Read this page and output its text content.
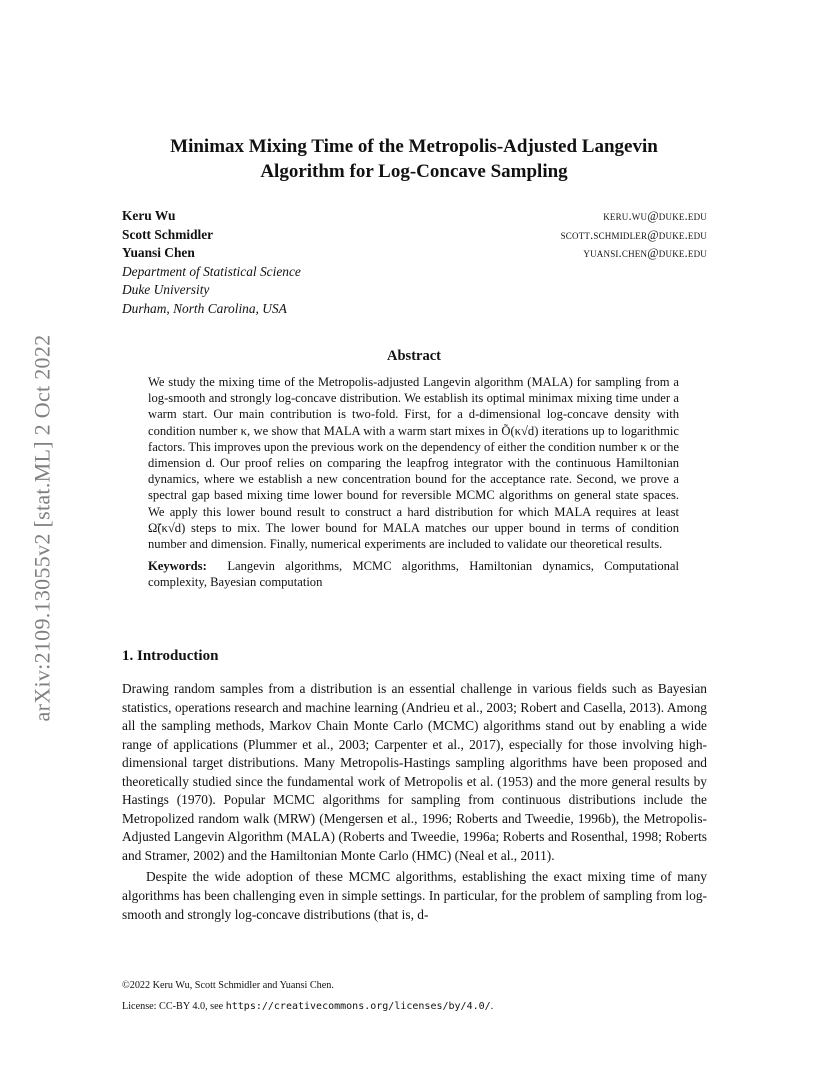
arXiv:2109.13055v2 [stat.ML] 2 Oct 2022
Minimax Mixing Time of the Metropolis-Adjusted Langevin
Algorithm for Log-Concave Sampling
Keru Wu	keru.wu@duke.edu
Scott Schmidler	scott.schmidler@duke.edu
Yuansi Chen	yuansi.chen@duke.edu
Department of Statistical Science
Duke University
Durham, North Carolina, USA
Abstract

We study the mixing time of the Metropolis-adjusted Langevin algorithm (MALA) for sampling from a log-smooth and strongly log-concave distribution. We establish its optimal minimax mixing time under a warm start. Our main contribution is two-fold. First, for a d-dimensional log-concave density with condition number κ, we show that MALA with a warm start mixes in Õ(κ√d) iterations up to logarithmic factors. This improves upon the previous work on the dependency of either the condition number κ or the dimension d. Our proof relies on comparing the leapfrog integrator with the continuous Hamiltonian dynamics, where we establish a new concentration bound for the acceptance rate. Second, we prove a spectral gap based mixing time lower bound for reversible MCMC algorithms on general state spaces. We apply this lower bound result to construct a hard distribution for which MALA requires at least Ω̃(κ√d) steps to mix. The lower bound for MALA matches our upper bound in terms of condition number and dimension. Finally, numerical experiments are included to validate our theoretical results.

Keywords: Langevin algorithms, MCMC algorithms, Hamiltonian dynamics, Computational complexity, Bayesian computation

1. Introduction

Drawing random samples from a distribution is an essential challenge in various fields such as Bayesian statistics, operations research and machine learning (Andrieu et al., 2003; Robert and Casella, 2013). Among all the sampling methods, Markov Chain Monte Carlo (MCMC) algorithms stand out by enabling a wide range of applications (Plummer et al., 2003; Carpenter et al., 2017), especially for those involving high-dimensional target distributions. Many Metropolis-Hastings sampling algorithms have been proposed and theoretically studied since the fundamental work of Metropolis et al. (1953) and the more general results by Hastings (1970). Popular MCMC algorithms for sampling from continuous distributions include the Metropolized random walk (MRW) (Mengersen et al., 1996; Roberts and Tweedie, 1996b), the Metropolis-Adjusted Langevin Algorithm (MALA) (Roberts and Tweedie, 1996a; Roberts and Rosenthal, 1998; Roberts and Stramer, 2002) and the Hamiltonian Monte Carlo (HMC) (Neal et al., 2011).

Despite the wide adoption of these MCMC algorithms, establishing the exact mixing time of many algorithms has been challenging even in simple settings. In particular, for the problem of sampling from log-smooth and strongly log-concave distributions (that is, d-

©2022 Keru Wu, Scott Schmidler and Yuansi Chen.
License: CC-BY 4.0, see https://creativecommons.org/licenses/by/4.0/.
